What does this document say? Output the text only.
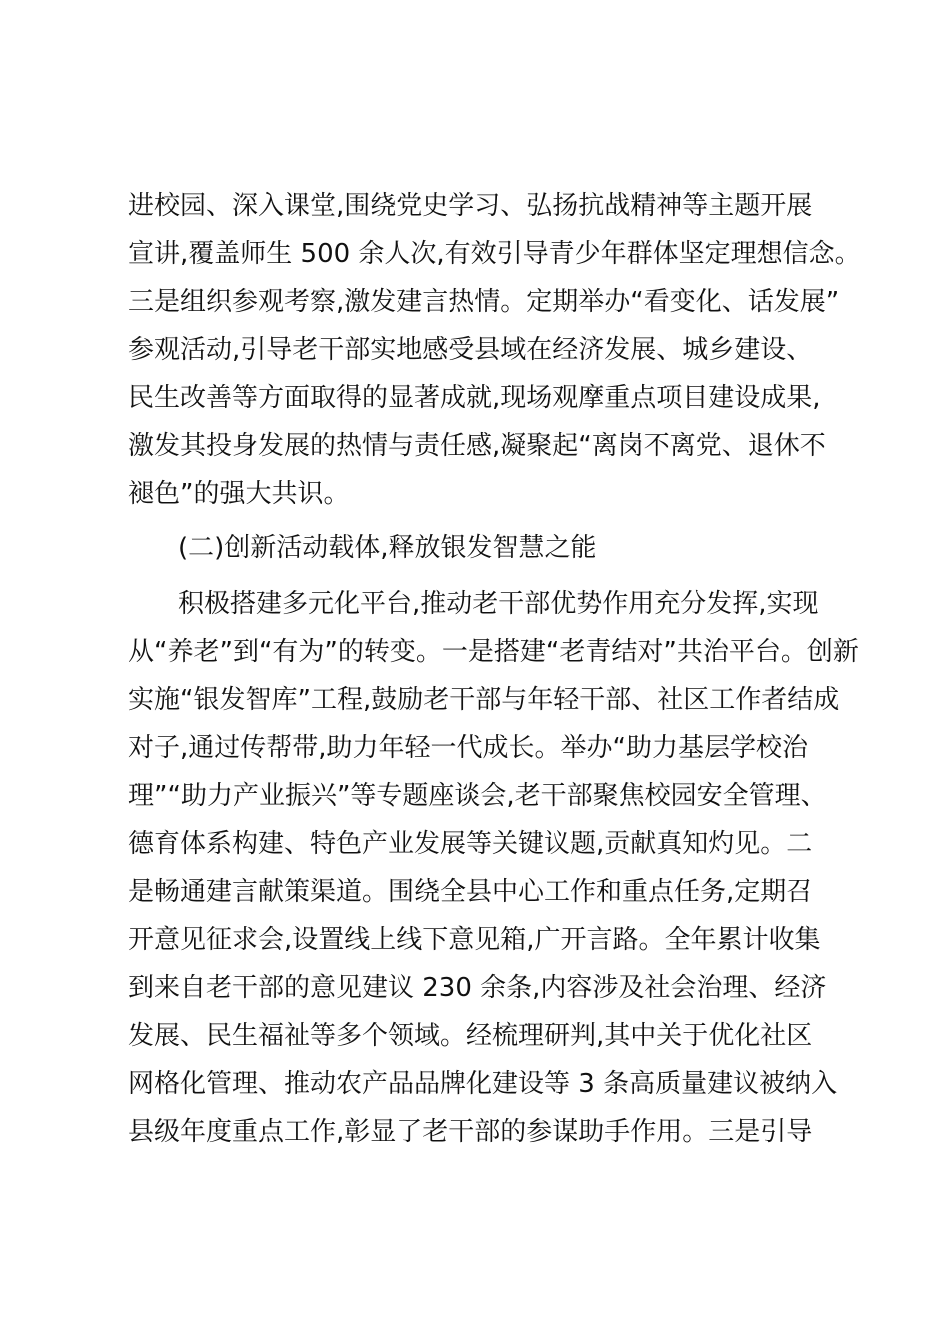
进校园、深入课堂,围绕党史学习、弘扬抗战精神等主题开展
宣讲,覆盖师生 500 余人次,有效引导青少年群体坚定理想信念。
三是组织参观考察,激发建言热情。定期举办“看变化、话发展”
参观活动,引导老干部实地感受县域在经济发展、城乡建设、
民生改善等方面取得的显著成就,现场观摩重点项目建设成果,
激发其投身发展的热情与责任感,凝聚起“离岗不离党、退休不
褪色”的强大共识。
(二)创新活动载体,释放银发智慧之能
积极搭建多元化平台,推动老干部优势作用充分发挥,实现
从“养老”到“有为”的转变。一是搭建“老青结对”共治平台。创新
实施“银发智库”工程,鼓励老干部与年轻干部、社区工作者结成
对子,通过传帮带,助力年轻一代成长。举办“助力基层学校治
理”“助力产业振兴”等专题座谈会,老干部聚焦校园安全管理、
德育体系构建、特色产业发展等关键议题,贡献真知灼见。二
是畅通建言献策渠道。围绕全县中心工作和重点任务,定期召
开意见征求会,设置线上线下意见箱,广开言路。全年累计收集
到来自老干部的意见建议 230 余条,内容涉及社会治理、经济
发展、民生福祉等多个领域。经梳理研判,其中关于优化社区
网格化管理、推动农产品品牌化建设等 3 条高质量建议被纳入
县级年度重点工作,彰显了老干部的参谋助手作用。三是引导
